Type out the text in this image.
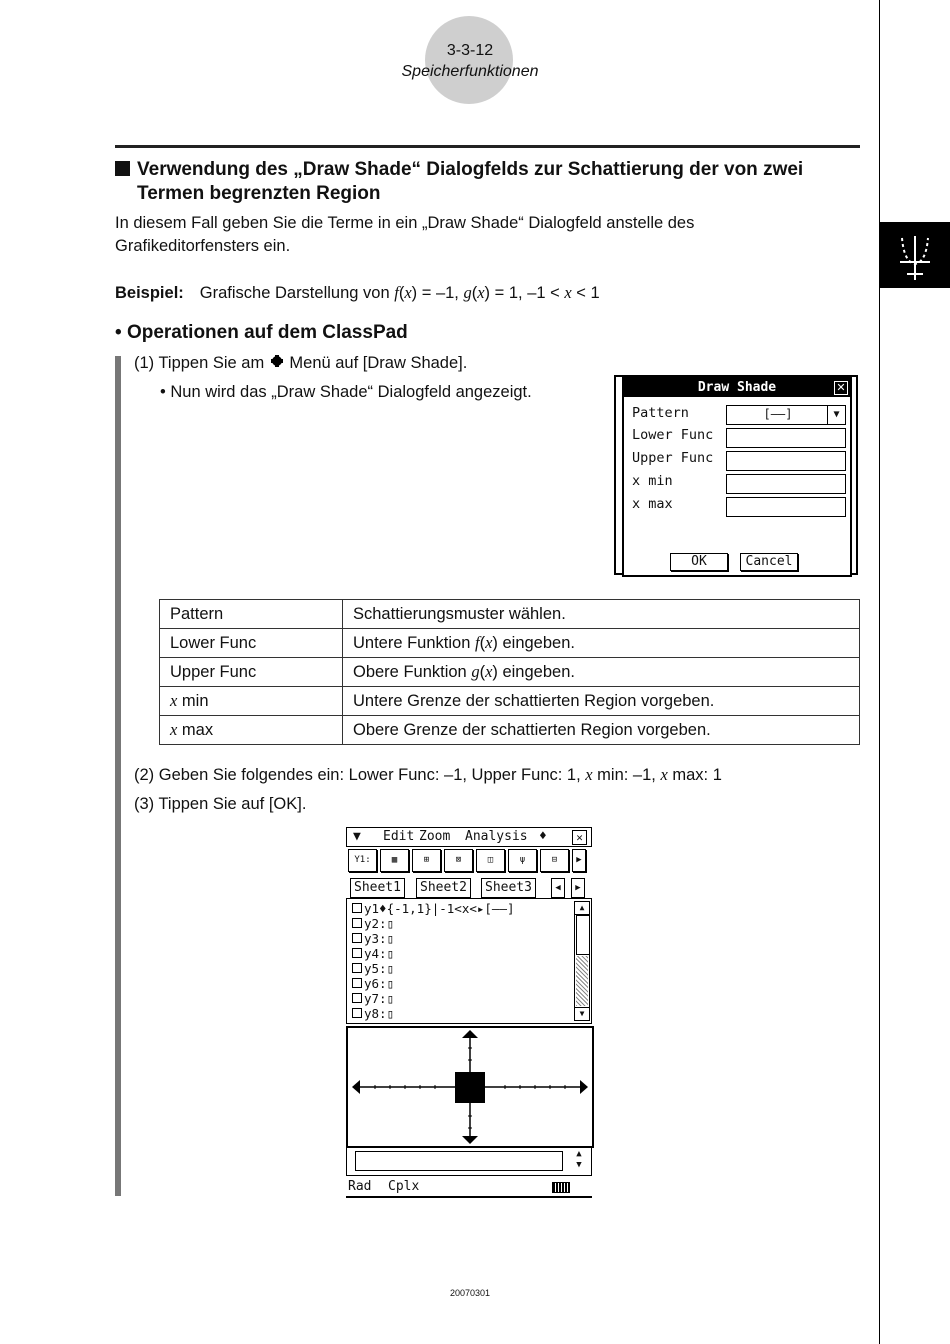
3-3-12
Speicherfunktionen
Verwendung des „Draw Shade“ Dialogfelds zur Schattierung der von zwei
Termen begrenzten Region
In diesem Fall geben Sie die Terme in ein „Draw Shade“ Dialogfeld anstelle des
Grafikeditorfensters ein.
Beispiel: Grafische Darstellung von f(x) = –1, g(x) = 1, –1 < x < 1
• Operationen auf dem ClassPad
(1) Tippen Sie am  Menü auf [Draw Shade].
• Nun wird das „Draw Shade“ Dialogfeld angezeigt.	Draw Shade	✕
Pattern	[——]	▼
Lower Func
Upper Func
x min
x max
OK	Cancel
Pattern	Schattierungsmuster wählen.
Lower Func	Untere Funktion f(x) eingeben.
Upper Func	Obere Funktion g(x) eingeben.
x min	Untere Grenze der schattierten Region vorgeben.
x max	Obere Grenze der schattierten Region vorgeben.
(2) Geben Sie folgendes ein: Lower Func: –1, Upper Func: 1, x min: –1, x max: 1
(3) Tippen Sie auf [OK].
▼ Edit Zoom Analysis ♦	✕
Y1:	▦	⊞	⊠	◫	ψ	⊟	▶
Sheet1	Sheet2	Sheet3	◀	▶
y1♦{-1,1}|-1<x<▸[——]
y2:▯
y3:▯
y4:▯
y5:▯
y6:▯
y7:▯
y8:▯
▲
▼
▲
▼
Rad Cplx
20070301
